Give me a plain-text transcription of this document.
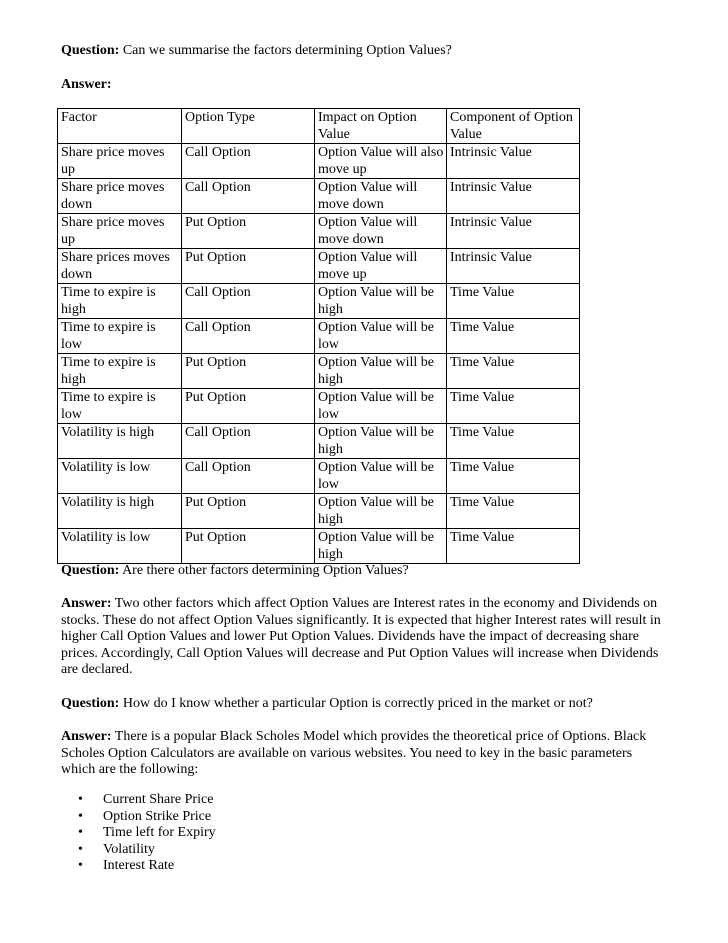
Question: Can we summarise the factors determining Option Values?

Answer:

Factor	Option Type	Impact on Option Value	Component of Option Value
Share price moves up	Call Option	Option Value will also move up	Intrinsic Value
Share price moves down	Call Option	Option Value will move down	Intrinsic Value
Share price moves up	Put Option	Option Value will move down	Intrinsic Value
Share prices moves down	Put Option	Option Value will move up	Intrinsic Value
Time to expire is high	Call Option	Option Value will be high	Time Value
Time to expire is low	Call Option	Option Value will be low	Time Value
Time to expire is high	Put Option	Option Value will be high	Time Value
Time to expire is low	Put Option	Option Value will be low	Time Value
Volatility is high	Call Option	Option Value will be high	Time Value
Volatility is low	Call Option	Option Value will be low	Time Value
Volatility is high	Put Option	Option Value will be high	Time Value
Volatility is low	Put Option	Option Value will be high	Time Value

Question: Are there other factors determining Option Values?

Answer: Two other factors which affect Option Values are Interest rates in the economy and Dividends on stocks. These do not affect Option Values significantly. It is expected that higher Interest rates will result in higher Call Option Values and lower Put Option Values. Dividends have the impact of decreasing share prices. Accordingly, Call Option Values will decrease and Put Option Values will increase when Dividends are declared.

Question: How do I know whether a particular Option is correctly priced in the market or not?

Answer: There is a popular Black Scholes Model which provides the theoretical price of Options. Black Scholes Option Calculators are available on various websites. You need to key in the basic parameters which are the following:

• Current Share Price
• Option Strike Price
• Time left for Expiry
• Volatility
• Interest Rate
